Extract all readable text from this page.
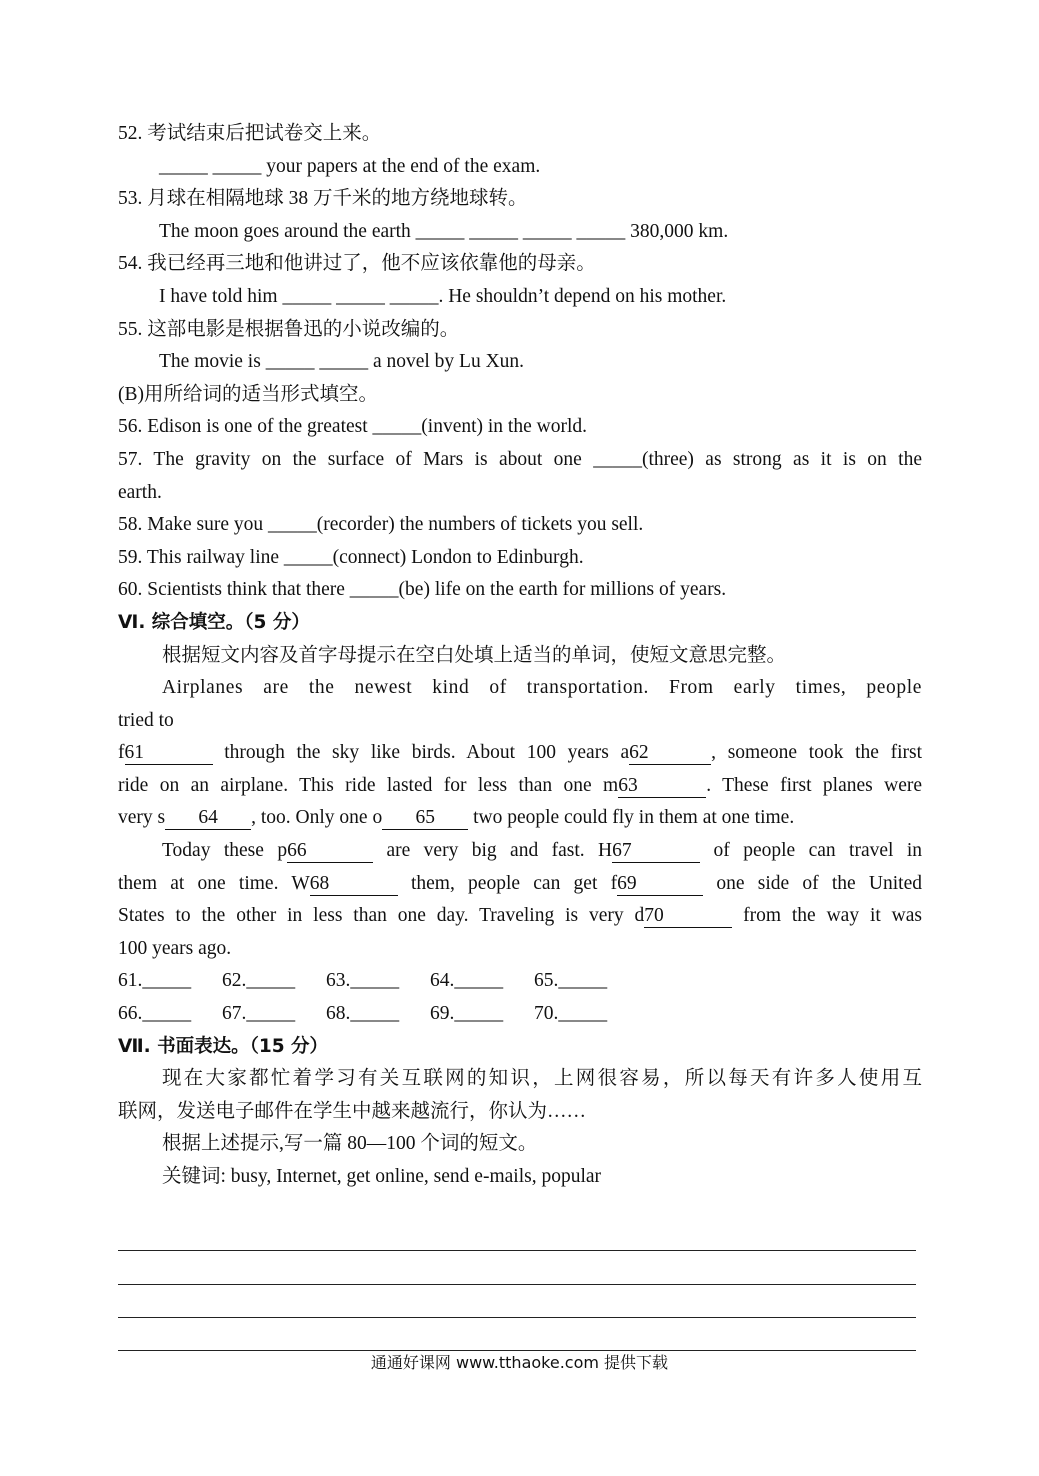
52. 考试结束后把试卷交上来。
_____ _____ your papers at the end of the exam.
53. 月球在相隔地球 38 万千米的地方绕地球转。
The moon goes around the earth _____ _____ _____ _____ 380,000 km.
54. 我已经再三地和他讲过了，他不应该依靠他的母亲。
I have told him _____ _____ _____. He shouldn’t depend on his mother.
55. 这部电影是根据鲁迅的小说改编的。
The movie is _____ _____ a novel by Lu Xun.
(B)用所给词的适当形式填空。
56. Edison is one of the greatest _____(invent) in the world.
57. The gravity on the surface of Mars is about one _____(three) as strong as it is on the
earth.
58. Make sure you _____(recorder) the numbers of tickets you sell.
59. This railway line _____(connect) London to Edinburgh.
60. Scientists think that there _____(be) life on the earth for millions of years.
Ⅵ. 综合填空。（5 分）
根据短文内容及首字母提示在空白处填上适当的单词，使短文意思完整。
Airplanes are the newest kind of transportation. From early times, people
tried to
f61	through the sky like birds. About 100 years a62	, someone took the first
ride on an airplane. This ride lasted for less than one m63	. These first planes were
very s 64 , too. Only one o 65 two people could fly in them at one time.
Today these p66	are very big and fast. H67	of people can travel in
them at one time. W68	them, people can get f69	one side of the United
States to the other in less than one day. Traveling is very d70	from the way it was
100 years ago.
61._____ 62._____ 63._____ 64._____ 65._____
66._____ 67._____ 68._____ 69._____ 70._____
Ⅶ. 书面表达。（15 分）
现在大家都忙着学习有关互联网的知识，上网很容易，所以每天有许多人使用互
联网，发送电子邮件在学生中越来越流行，你认为……
根据上述提示,写一篇 80—100 个词的短文。
关键词: busy, Internet, get online, send e-mails, popular
通通好课网 www.tthaoke.com 提供下载
